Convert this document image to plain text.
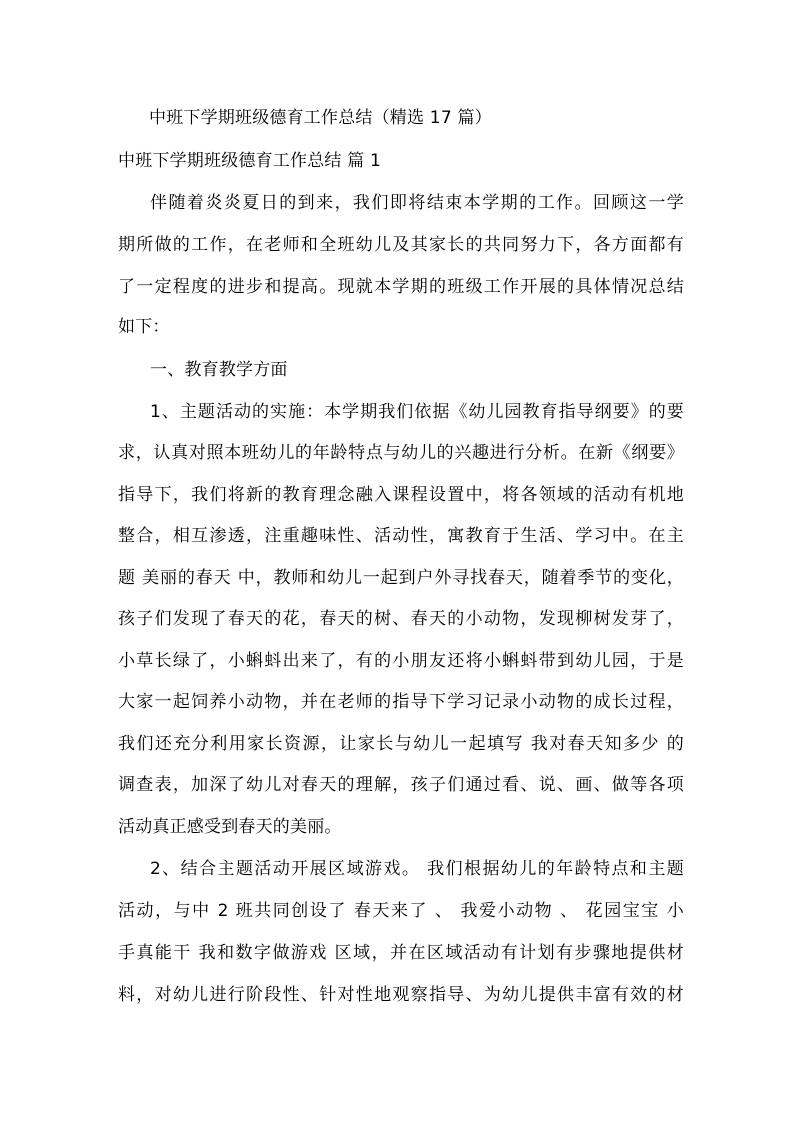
中班下学期班级德育工作总结（精选 17 篇）
中班下学期班级德育工作总结 篇 1
伴随着炎炎夏日的到来，我们即将结束本学期的工作。回顾这一学
期所做的工作，在老师和全班幼儿及其家长的共同努力下，各方面都有
了一定程度的进步和提高。现就本学期的班级工作开展的具体情况总结
如下：
一、教育教学方面
1、主题活动的实施：本学期我们依据《幼儿园教育指导纲要》的要
求，认真对照本班幼儿的年龄特点与幼儿的兴趣进行分析。在新《纲要》
指导下，我们将新的教育理念融入课程设置中，将各领域的活动有机地
整合，相互渗透，注重趣味性、活动性，寓教育于生活、学习中。在主
题 美丽的春天 中，教师和幼儿一起到户外寻找春天，随着季节的变化，
孩子们发现了春天的花，春天的树、春天的小动物，发现柳树发芽了，
小草长绿了，小蝌蚪出来了，有的小朋友还将小蝌蚪带到幼儿园，于是
大家一起饲养小动物，并在老师的指导下学习记录小动物的成长过程，
我们还充分利用家长资源，让家长与幼儿一起填写 我对春天知多少 的
调查表，加深了幼儿对春天的理解，孩子们通过看、说、画、做等各项
活动真正感受到春天的美丽。
2、结合主题活动开展区域游戏。 我们根据幼儿的年龄特点和主题
活动，与中 2 班共同创设了 春天来了 、 我爱小动物 、 花园宝宝 小
手真能干 我和数字做游戏 区域，并在区域活动有计划有步骤地提供材
料，对幼儿进行阶段性、针对性地观察指导、为幼儿提供丰富有效的材
